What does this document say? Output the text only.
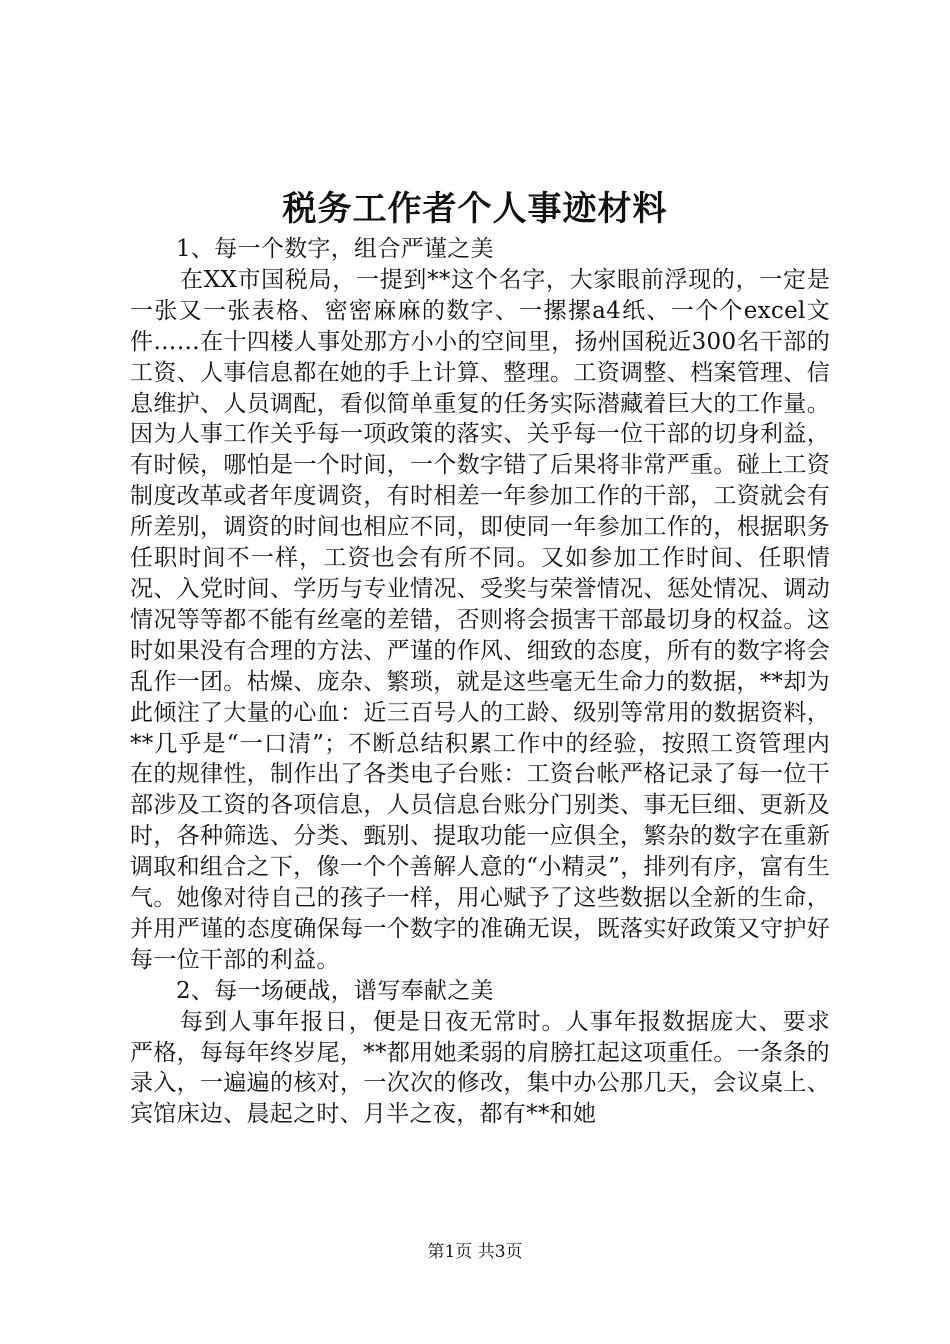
税务工作者个人事迹材料

1、每一个数字，组合严谨之美

在XX市国税局，一提到**这个名字，大家眼前浮现的，一定是一张又一张表格、密密麻麻的数字、一摞摞a4纸、一个个excel文件……在十四楼人事处那方小小的空间里，扬州国税近300名干部的工资、人事信息都在她的手上计算、整理。工资调整、档案管理、信息维护、人员调配，看似简单重复的任务实际潜藏着巨大的工作量。因为人事工作关乎每一项政策的落实、关乎每一位干部的切身利益，有时候，哪怕是一个时间，一个数字错了后果将非常严重。碰上工资制度改革或者年度调资，有时相差一年参加工作的干部，工资就会有所差别，调资的时间也相应不同，即使同一年参加工作的，根据职务任职时间不一样，工资也会有所不同。又如参加工作时间、任职情况、入党时间、学历与专业情况、受奖与荣誉情况、惩处情况、调动情况等等都不能有丝毫的差错，否则将会损害干部最切身的权益。这时如果没有合理的方法、严谨的作风、细致的态度，所有的数字将会乱作一团。枯燥、庞杂、繁琐，就是这些毫无生命力的数据，**却为此倾注了大量的心血：近三百号人的工龄、级别等常用的数据资料，**几乎是“一口清”；不断总结积累工作中的经验，按照工资管理内在的规律性，制作出了各类电子台账：工资台帐严格记录了每一位干部涉及工资的各项信息，人员信息台账分门别类、事无巨细、更新及时，各种筛选、分类、甄别、提取功能一应俱全，繁杂的数字在重新调取和组合之下，像一个个善解人意的“小精灵”，排列有序，富有生气。她像对待自己的孩子一样，用心赋予了这些数据以全新的生命，并用严谨的态度确保每一个数字的准确无误，既落实好政策又守护好每一位干部的利益。

2、每一场硬战，谱写奉献之美

每到人事年报日，便是日夜无常时。人事年报数据庞大、要求严格，每每年终岁尾，**都用她柔弱的肩膀扛起这项重任。一条条的录入，一遍遍的核对，一次次的修改，集中办公那几天，会议桌上、宾馆床边、晨起之时、月半之夜，都有**和她

第1页 共3页
